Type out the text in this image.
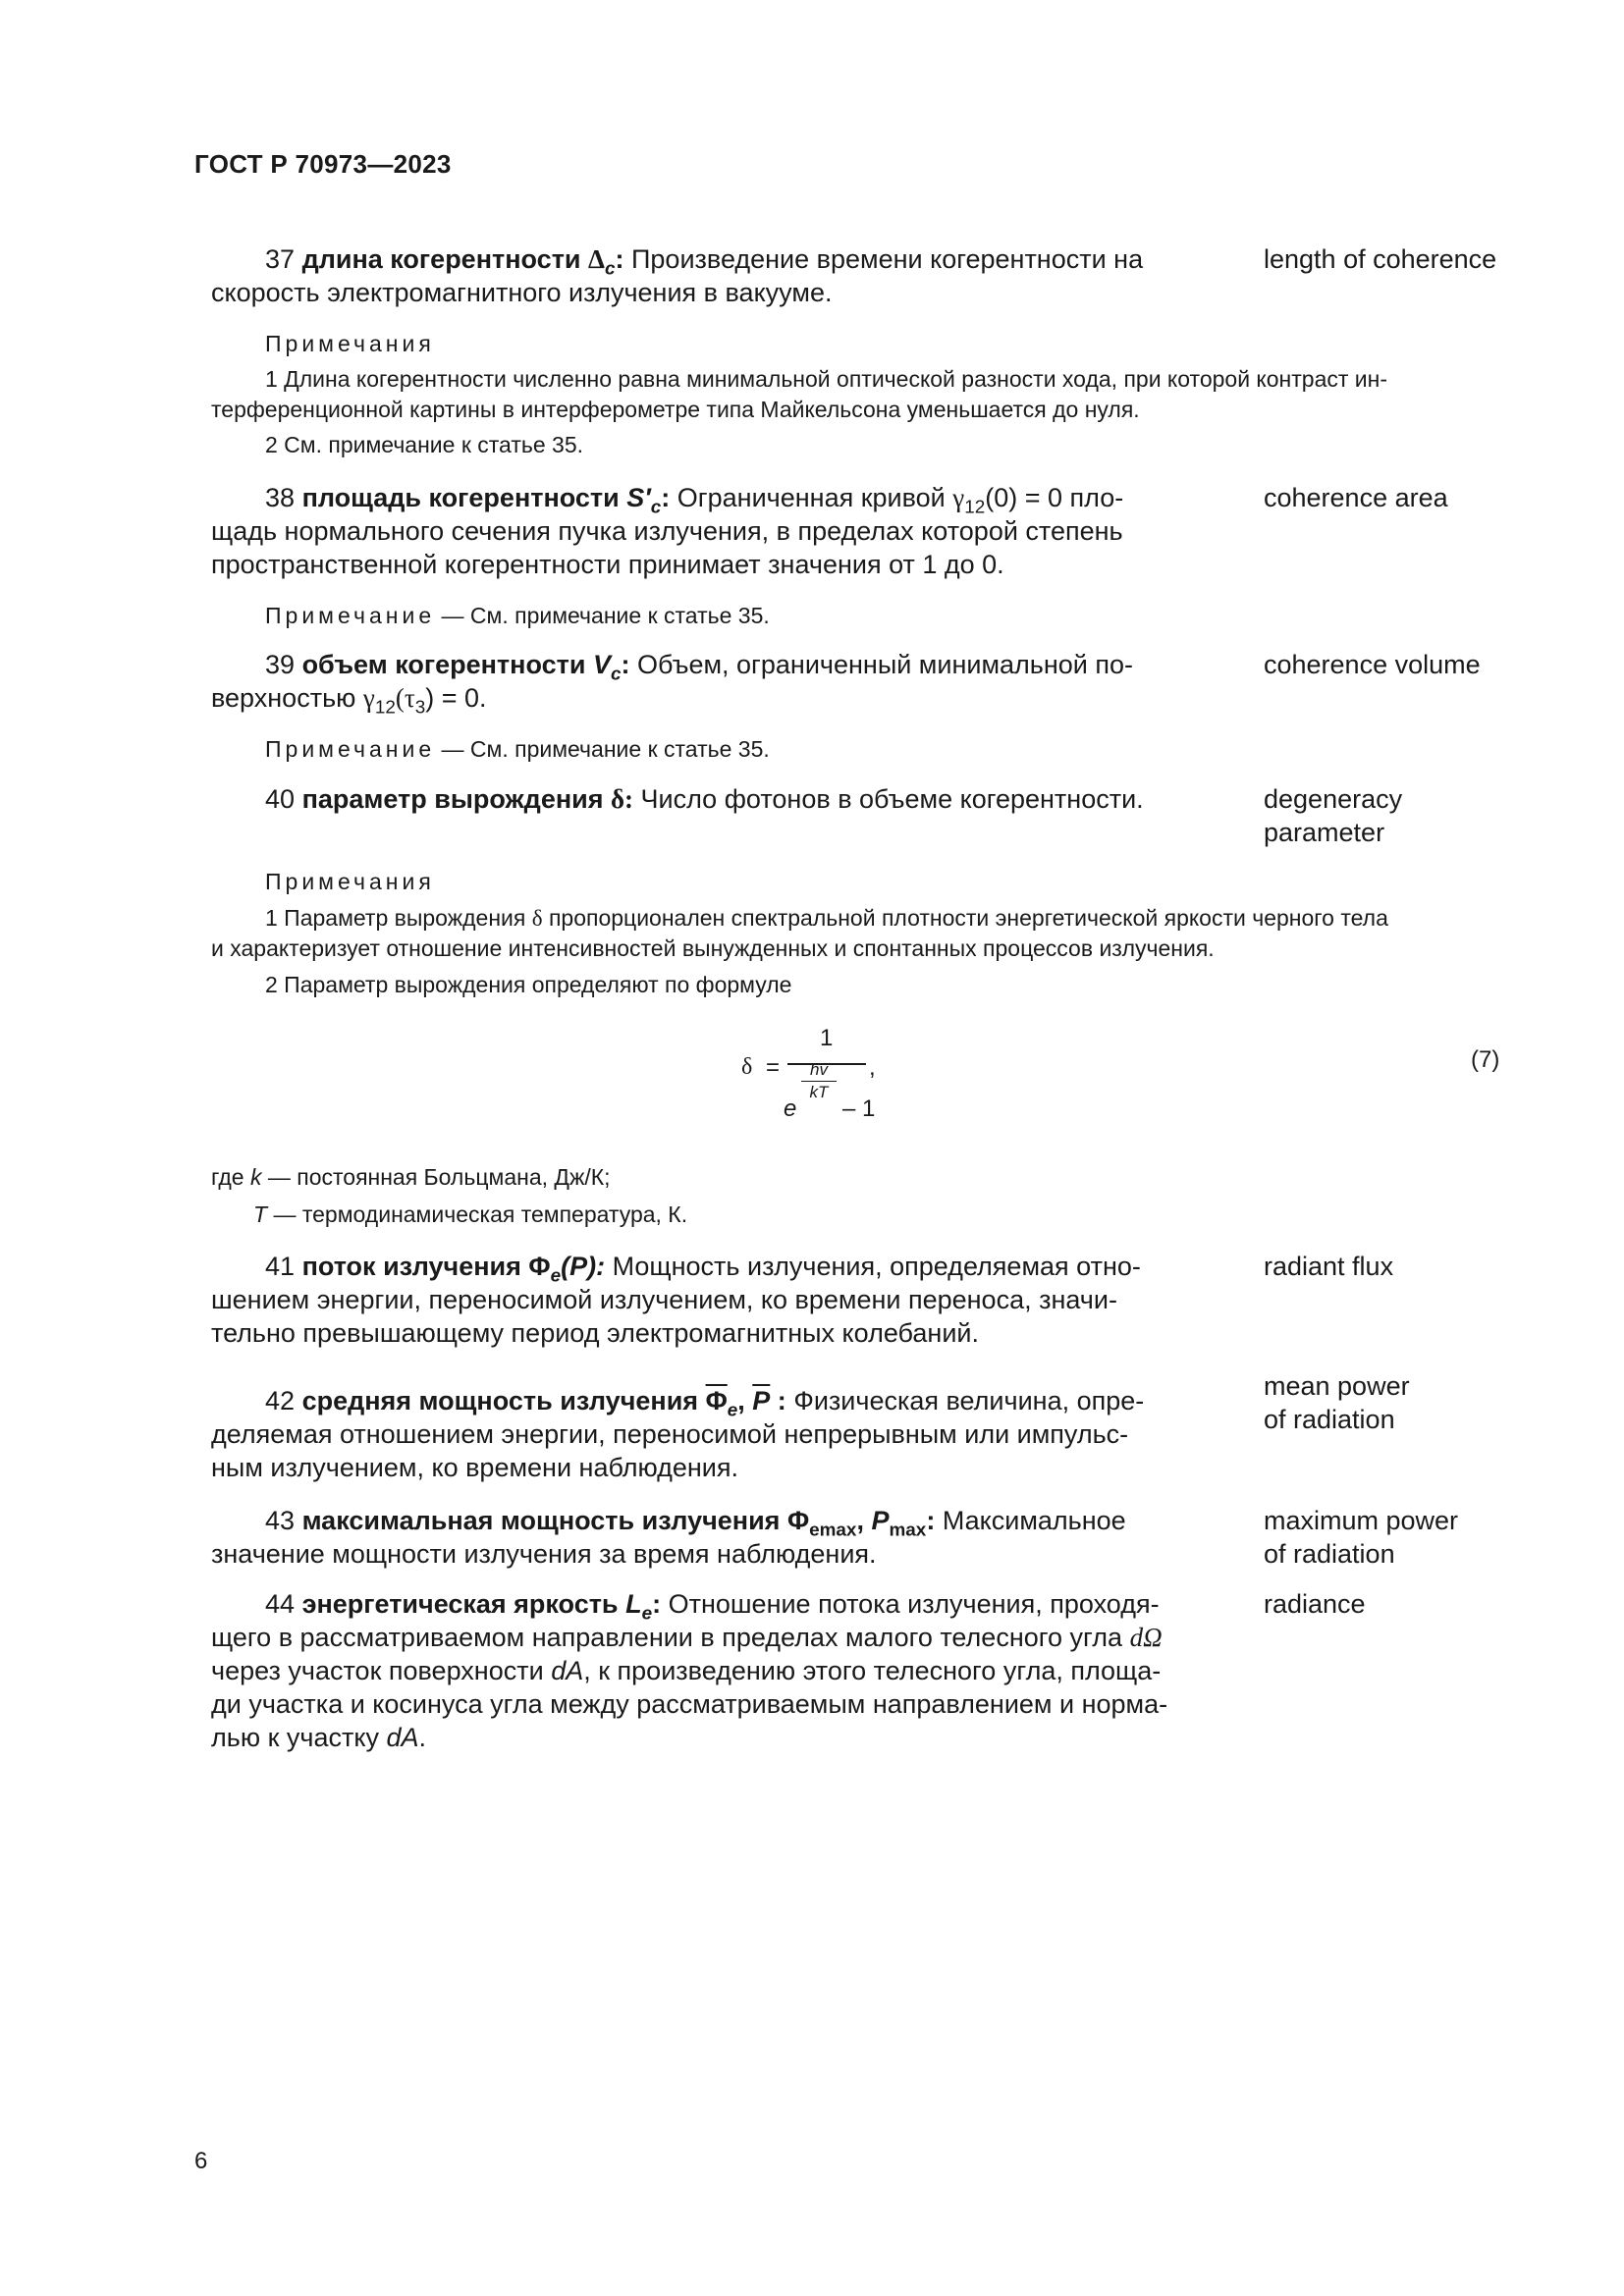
ГОСТ Р 70973—2023
37 длина когерентности $\Delta_c$: Произведение времени когерентности на
скорость электромагнитного излучения в вакууме.
length of coherence
Примечания
1 Длина когерентности численно равна минимальной оптической разности хода, при которой контраст ин-
терференционной картины в интерферометре типа Майкельсона уменьшается до нуля.
2 См. примечание к статье 35.
38 площадь когерентности $S'_c$: Ограниченная кривой $\gamma_{12}(0) = 0$ пло-
щадь нормального сечения пучка излучения, в пределах которой степень
пространственной когерентности принимает значения от 1 до 0.
coherence area
Примечание — См. примечание к статье 35.
39 объем когерентности $V_c$: Объем, ограниченный минимальной по-
верхностью $\gamma_{12}(\tau_3) = 0$.
coherence volume
Примечание — См. примечание к статье 35.
40 параметр вырождения δ: Число фотонов в объеме когерентности.	degeneracy
parameter
Примечания
1 Параметр вырождения δ пропорционален спектральной плотности энергетической яркости черного тела
и характеризует отношение интенсивностей вынужденных и спонтанных процессов излучения.
2 Параметр вырождения определяют по формуле
δ =
1
,
hv
kT
e – 1
(7)
где k — постоянная Больцмана, Дж/К;
T — термодинамическая температура, К.
41 поток излучения $\Phi_e(P)$: Мощность излучения, определяемая отно-
шением энергии, переносимой излучением, ко времени переноса, значи-
тельно превышающему период электромагнитных колебаний.
radiant flux
42 средняя мощность излучения $\overline{\Phi}_e$, $\overline{P}$ : Физическая величина, опре-
деляемая отношением энергии, переносимой непрерывным или импульс-
ным излучением, ко времени наблюдения.
mean power
of radiation
43 максимальная мощность излучения $\Phi_{emax}$, $P_{max}$: Максимальное
значение мощности излучения за время наблюдения.
maximum power
of radiation
44 энергетическая яркость $L_e$: Отношение потока излучения, проходя-
щего в рассматриваемом направлении в пределах малого телесного угла dΩ
через участок поверхности dA, к произведению этого телесного угла, площа-
ди участка и косинуса угла между рассматриваемым направлением и норма-
лью к участку dA.
radiance
6
